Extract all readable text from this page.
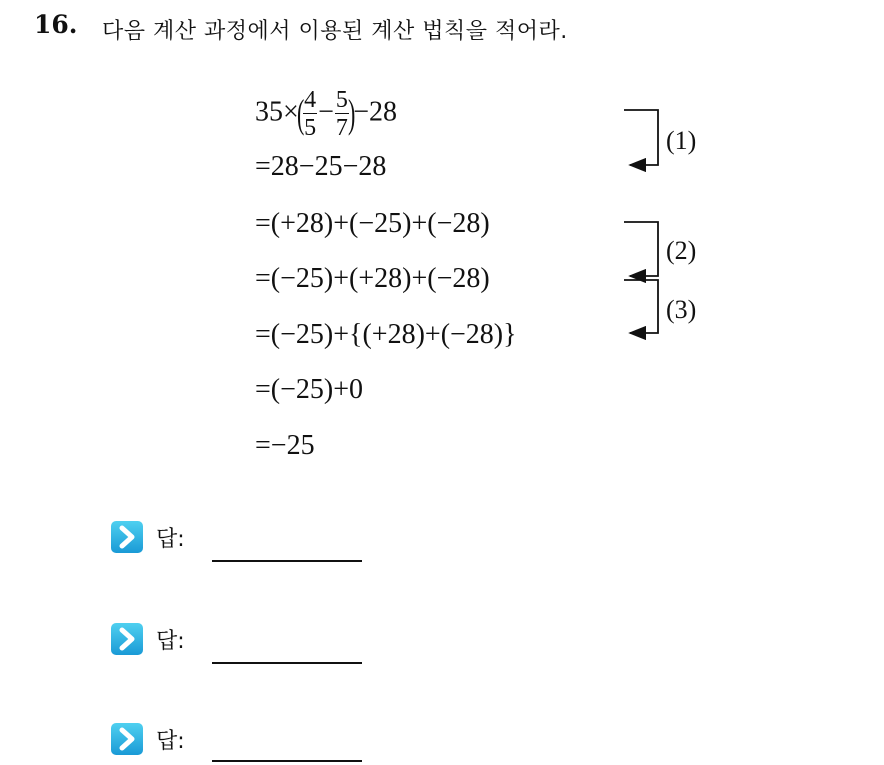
16. 다음 계산 과정에서 이용된 계산 법칙을 적어라.
35×(
$\frac{4}{5} - \frac{5}{7}$
)−28
=28−25−28
=(+28)+(−25)+(−28)
=(−25)+(+28)+(−28)
=(−25)+{(+28)+(−28)}
=(−25)+0
=−25
(1)
(2)
(3)
답:
답:
답:
